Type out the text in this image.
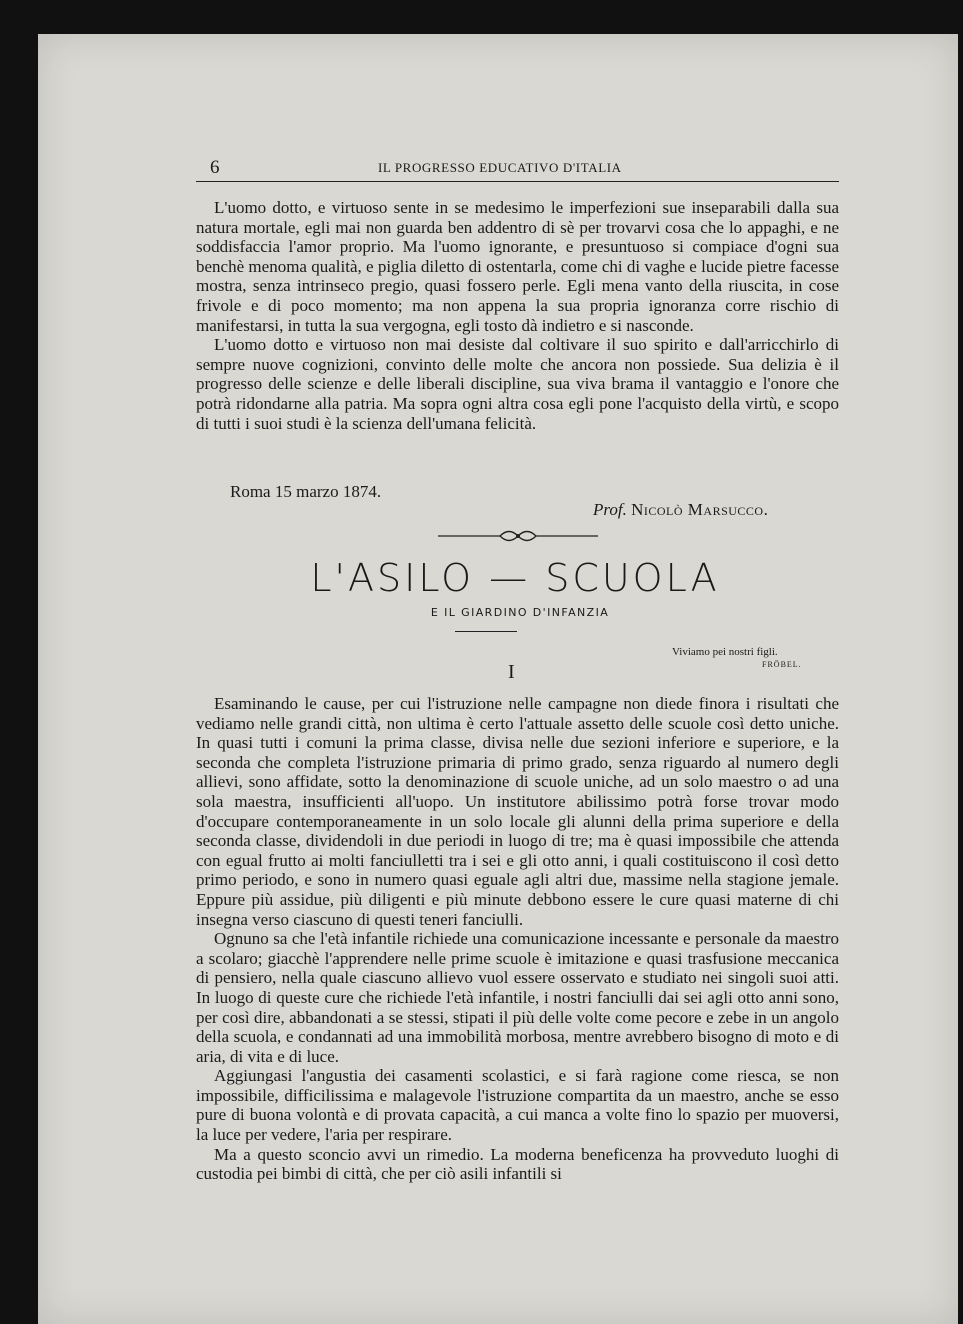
6	IL PROGRESSO EDUCATIVO D'ITALIA

L'uomo dotto, e virtuoso sente in se medesimo le imperfezioni sue inseparabili dalla sua natura mortale, egli mai non guarda ben addentro di sè per trovarvi cosa che lo appaghi, e ne soddisfaccia l'amor proprio. Ma l'uomo ignorante, e presuntuoso si compiace d'ogni sua benchè menoma qualità, e piglia diletto di ostentarla, come chi di vaghe e lucide pietre facesse mostra, senza intrinseco pregio, quasi fossero perle. Egli mena vanto della riuscita, in cose frivole e di poco momento; ma non appena la sua propria ignoranza corre rischio di manifestarsi, in tutta la sua vergogna, egli tosto dà indietro e si nasconde.

L'uomo dotto e virtuoso non mai desiste dal coltivare il suo spirito e dall'arricchirlo di sempre nuove cognizioni, convinto delle molte che ancora non possiede. Sua delizia è il progresso delle scienze e delle liberali discipline, sua viva brama il vantaggio e l'onore che potrà ridondarne alla patria. Ma sopra ogni altra cosa egli pone l'acquisto della virtù, e scopo di tutti i suoi studi è la scienza dell'umana felicità.

Roma 15 marzo 1874.
Prof. Nicolò Marsucco.
L'ASILO — SCUOLA
E IL GIARDINO D'INFANZIA
Viviamo pei nostri figli.
FRÖBEL.
I

Esaminando le cause, per cui l'istruzione nelle campagne non diede finora i risultati che vediamo nelle grandi città, non ultima è certo l'attuale assetto delle scuole così detto uniche. In quasi tutti i comuni la prima classe, divisa nelle due sezioni inferiore e superiore, e la seconda che completa l'istruzione primaria di primo grado, senza riguardo al numero degli allievi, sono affidate, sotto la denominazione di scuole uniche, ad un solo maestro o ad una sola maestra, insufficienti all'uopo. Un institutore abilissimo potrà forse trovar modo d'occupare contemporaneamente in un solo locale gli alunni della prima superiore e della seconda classe, dividendoli in due periodi in luogo di tre; ma è quasi impossibile che attenda con egual frutto ai molti fanciulletti tra i sei e gli otto anni, i quali costituiscono il così detto primo periodo, e sono in numero quasi eguale agli altri due, massime nella stagione jemale. Eppure più assidue, più diligenti e più minute debbono essere le cure quasi materne di chi insegna verso ciascuno di questi teneri fanciulli.

Ognuno sa che l'età infantile richiede una comunicazione incessante e personale da maestro a scolaro; giacchè l'apprendere nelle prime scuole è imitazione e quasi trasfusione meccanica di pensiero, nella quale ciascuno allievo vuol essere osservato e studiato nei singoli suoi atti. In luogo di queste cure che richiede l'età infantile, i nostri fanciulli dai sei agli otto anni sono, per così dire, abbandonati a se stessi, stipati il più delle volte come pecore e zebe in un angolo della scuola, e condannati ad una immobilità morbosa, mentre avrebbero bisogno di moto e di aria, di vita e di luce.

Aggiungasi l'angustia dei casamenti scolastici, e si farà ragione come riesca, se non impossibile, difficilissima e malagevole l'istruzione compartita da un maestro, anche se esso pure di buona volontà e di provata capacità, a cui manca a volte fino lo spazio per muoversi, la luce per vedere, l'aria per respirare.

Ma a questo sconcio avvi un rimedio. La moderna beneficenza ha provveduto luoghi di custodia pei bimbi di città, che per ciò asili infantili si
